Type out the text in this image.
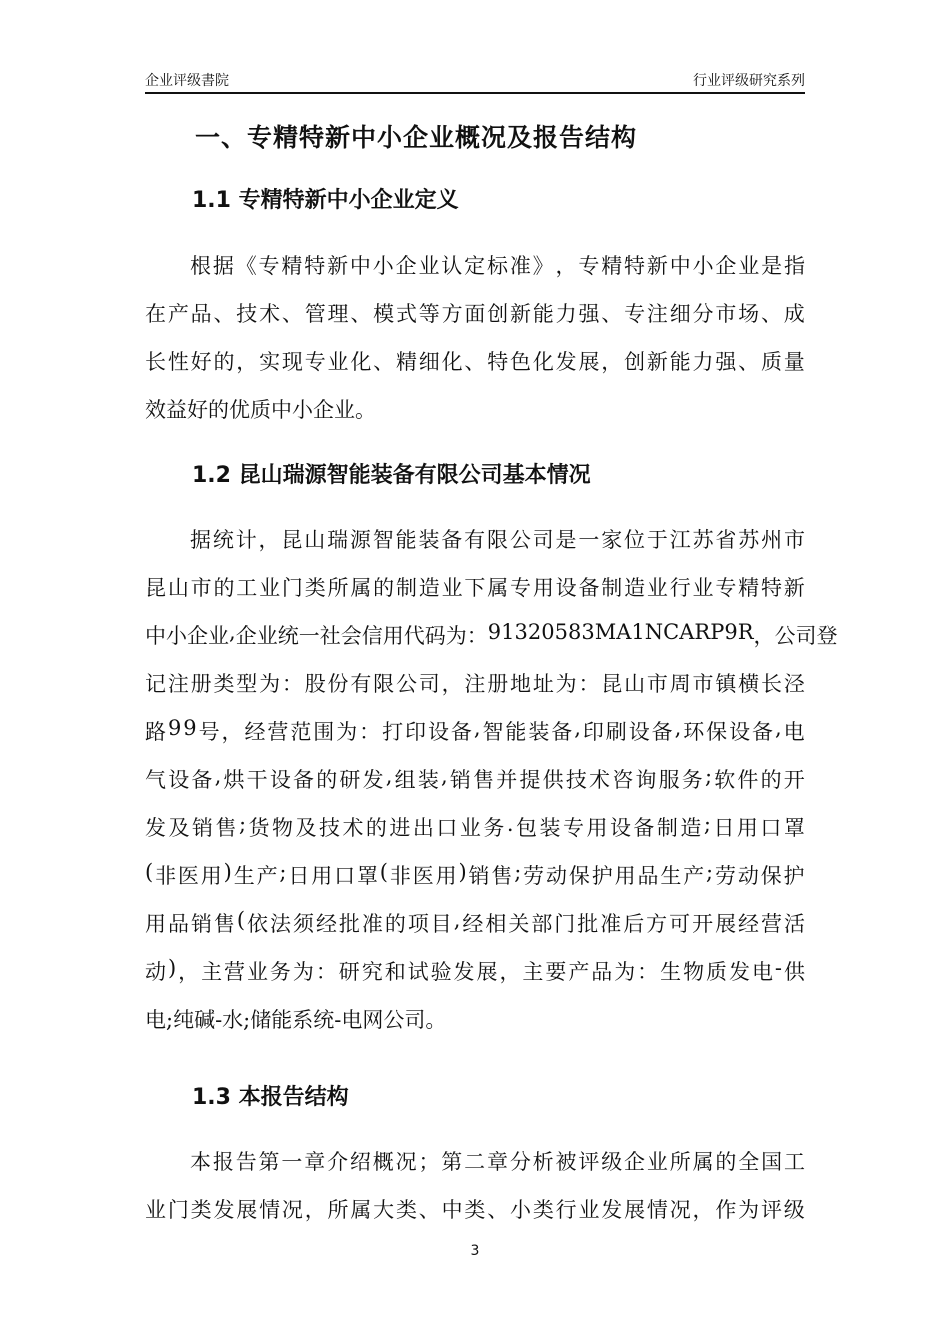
企业评级書院	行业评级研究系列
一、专精特新中小企业概况及报告结构
1.1 专精特新中小企业定义
根 据 《 专 精 特 新 中 小 企 业 认 定 标 准 》 ， 专 精 特 新 中 小 企 业 是 指
在 产 品 、 技 术 、 管 理 、 模 式 等 方 面 创 新 能 力 强 、 专 注 细 分 市 场 、 成
长 性 好 的 ， 实 现 专 业 化 、 精 细 化 、 特 色 化 发 展 ， 创 新 能 力 强 、 质 量
效益好的优质中小企业。
1.2 昆山瑞源智能装备有限公司基本情况
据 统 计 ， 昆 山 瑞 源 智 能 装 备 有 限 公 司 是 一 家 位 于 江 苏 省 苏 州 市
昆 山 市 的 工 业 门 类 所 属 的 制 造 业 下 属 专 用 设 备 制 造 业 行 业 专 精 特 新
中 小 企 业 , 企 业 统 一 社 会 信 用 代 码 为 ： 9 1 3 2 0 5 8 3 M A 1 N C A R P 9 R ， 公 司 登
记 注 册 类 型 为 ： 股 份 有 限 公 司 ， 注 册 地 址 为 ： 昆 山 市 周 市 镇 横 长 泾
路 9 9 号 ， 经 营 范 围 为 ： 打 印 设 备 , 智 能 装 备 , 印 刷 设 备 , 环 保 设 备 , 电
气 设 备 , 烘 干 设 备 的 研 发 , 组 装 , 销 售 并 提 供 技 术 咨 询 服 务 ; 软 件 的 开
发 及 销 售 ; 货 物 及 技 术 的 进 出 口 业 务 . 包 装 专 用 设 备 制 造 ; 日 用 口 罩
( 非 医 用 ) 生 产 ; 日 用 口 罩 ( 非 医 用 ) 销 售 ; 劳 动 保 护 用 品 生 产 ; 劳 动 保 护
用 品 销 售 ( 依 法 须 经 批 准 的 项 目 , 经 相 关 部 门 批 准 后 方 可 开 展 经 营 活
动 ) ， 主 营 业 务 为 ： 研 究 和 试 验 发 展 ， 主 要 产 品 为 ： 生 物 质 发 电 - 供
电;纯碱-水;储能系统-电网公司。
1.3 本报告结构
本 报 告 第 一 章 介 绍 概 况 ； 第 二 章 分 析 被 评 级 企 业 所 属 的 全 国 工
业 门 类 发 展 情 况 ， 所 属 大 类 、 中 类 、 小 类 行 业 发 展 情 况 ， 作 为 评 级
3
